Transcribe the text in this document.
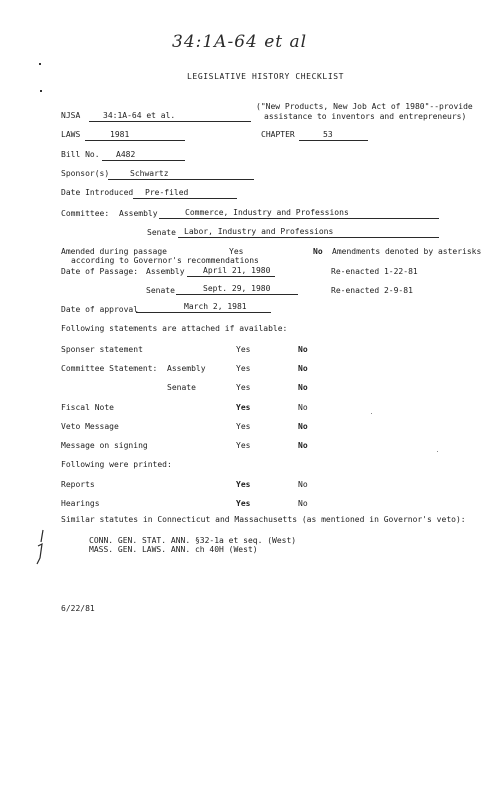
34:1A-64 et al
LEGISLATIVE HISTORY CHECKLIST
NJSA	34:1A-64 et al.
("New Products, New Job Act of 1980"--provide
assistance to inventors and entrepreneurs)
LAWS	1981	CHAPTER	53
Bill No.	A482
Sponsor(s)	Schwartz
Date Introduced	Pre-filed
Committee: Assembly	Commerce, Industry and Professions
Senate	Labor, Industry and Professions
Amended during passage
according to Governor's recommendations
Yes	No Amendments denoted by asterisks
Date of Passage: Assembly	April 21, 1980	Re-enacted 1-22-81
Senate	Sept. 29, 1980	Re-enacted 2-9-81
Date of approval	March 2, 1981
Following statements are attached if available:
Sponser statement	Yes	No
Committee Statement: Assembly	Yes	No
Senate	Yes	No
Fiscal Note	Yes	No
Veto Message	Yes	No
Message on signing	Yes	No
Following were printed:
Reports	Yes	No
Hearings	Yes	No
Similar statutes in Connecticut and Massachusetts (as mentioned in Governor's veto):
CONN. GEN. STAT. ANN. §32-1a et seq. (West)
MASS. GEN. LAWS. ANN. ch 40H (West)
6/22/81
